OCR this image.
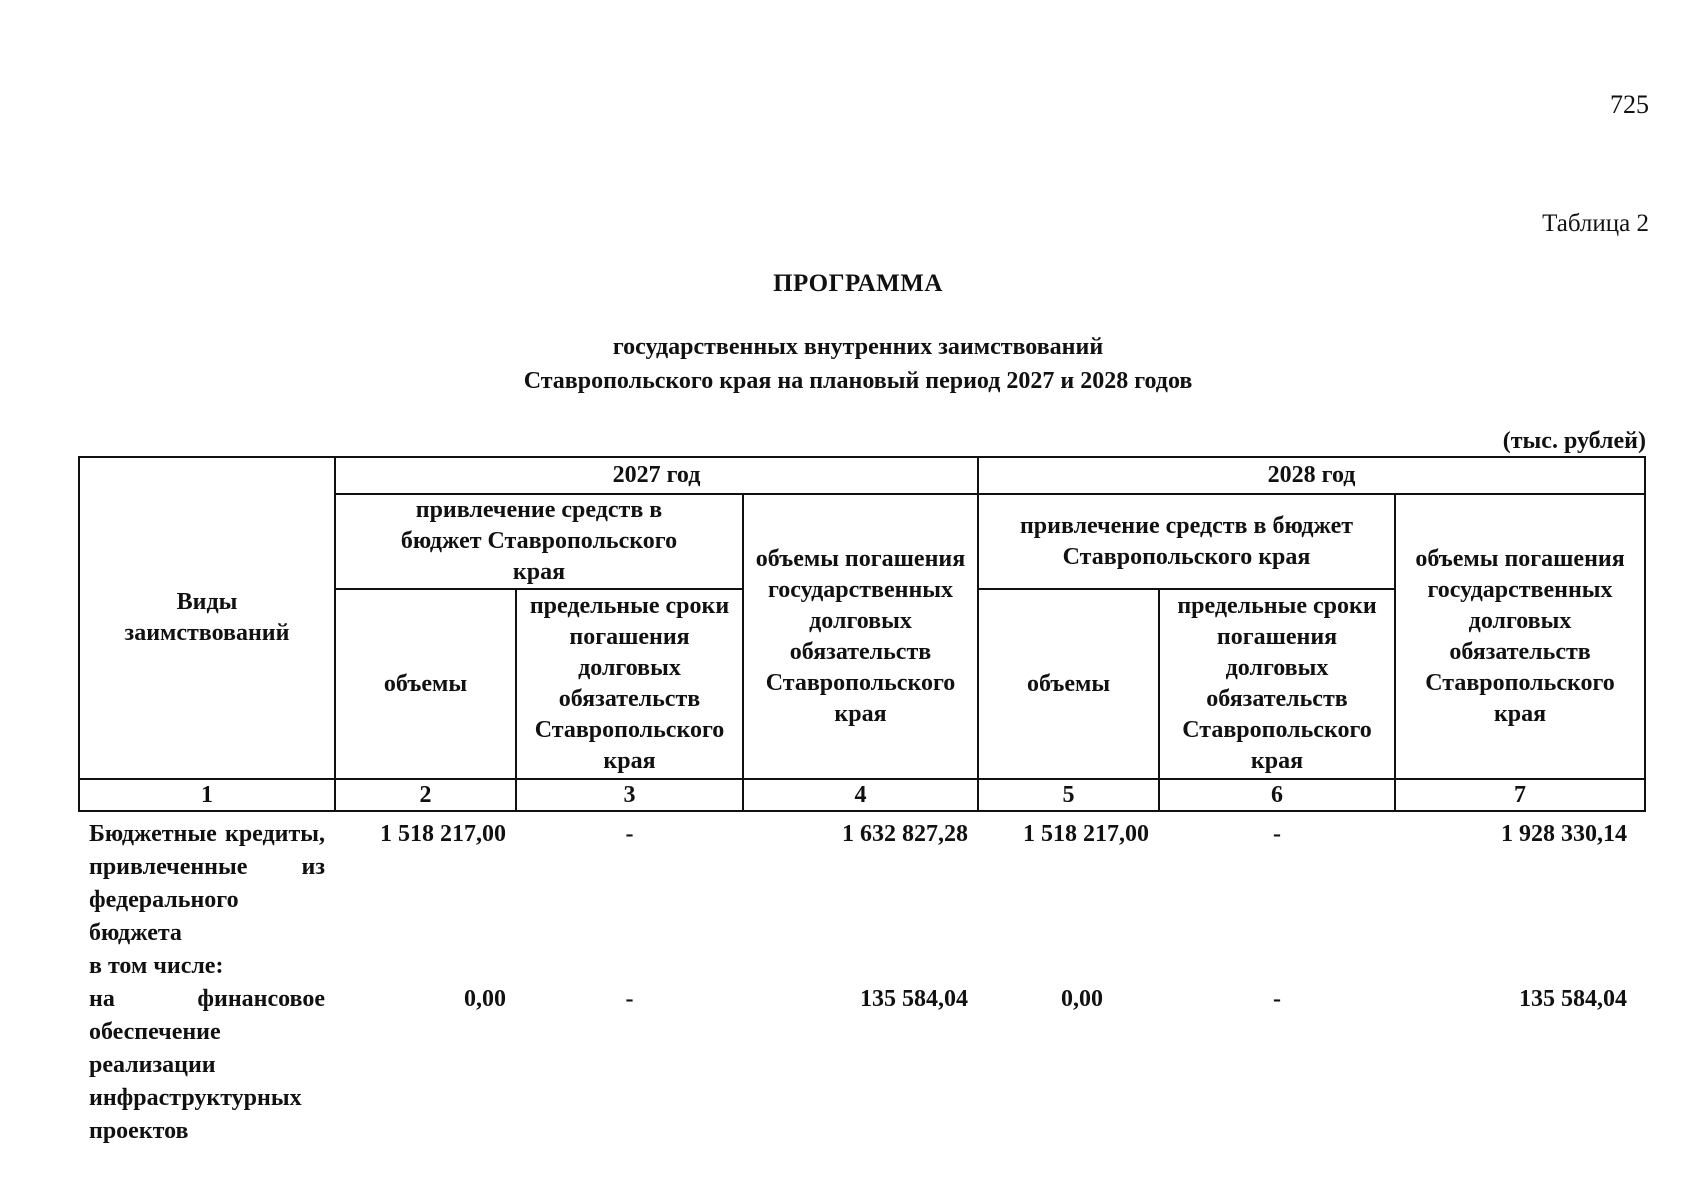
725
Таблица 2
ПРОГРАММА
государственных внутренних заимствований
Ставропольского края на плановый период 2027 и 2028 годов
(тыс. рублей)
Виды заимствований	2027 год			2028 год		
	привлечение средств в бюджет Ставропольского края		объемы погашения государственных долговых обязательств Ставропольского края	привлечение средств в бюджет Ставропольского края		объемы погашения государственных долговых обязательств Ставропольского края
	объемы	предельные сроки погашения долговых обязательств Ставропольского края		объемы	предельные сроки погашения долговых обязательств Ставропольского края	
1	2	3	4	5	6	7
Бюджетные кредиты, привлеченные из федерального бюджета	1 518 217,00	-	1 632 827,28	1 518 217,00	-	1 928 330,14
в том числе:						
на финансовое обеспечение реализации инфраструктурных проектов	0,00	-	135 584,04	0,00	-	135 584,04
